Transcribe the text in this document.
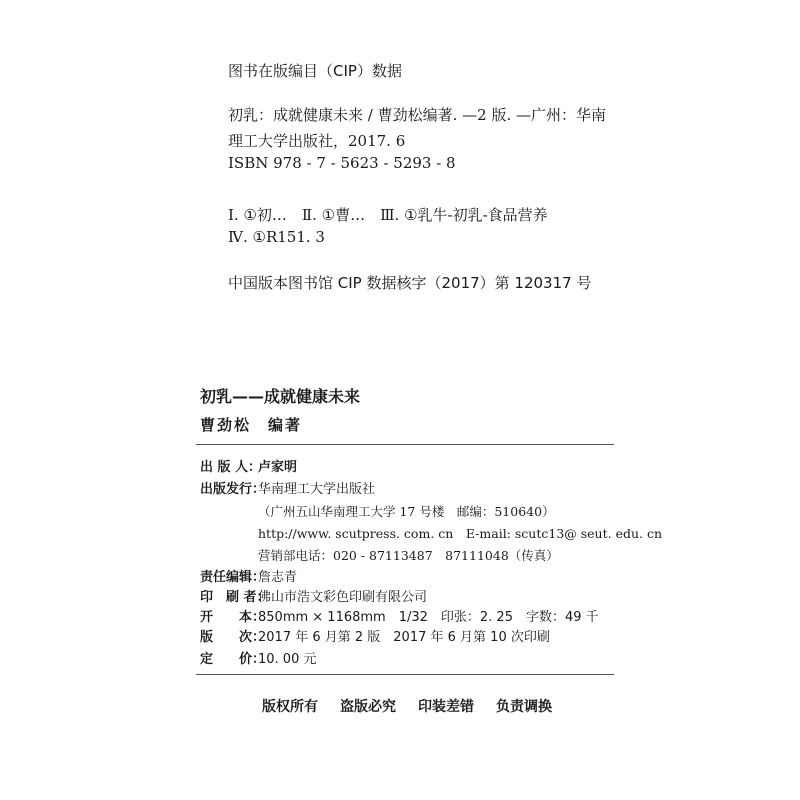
图书在版编目（CIP）数据
初乳：成就健康未来 / 曹劲松编著. —2 版. —广州：华南
理工大学出版社，2017. 6
ISBN 978 - 7 - 5623 - 5293 - 8
Ⅰ. ①初…　Ⅱ. ①曹…　Ⅲ. ①乳牛-初乳-食品营养
Ⅳ. ①R151. 3
中国版本图书馆 CIP 数据核字（2017）第 120317 号
初乳——成就健康未来
曹劲松　编著
出 版 人：卢家明
出版发行：华南理工大学出版社
（广州五山华南理工大学 17 号楼　邮编：510640）
http://www. scutpress. com. cn　E-mail: scutc13@ seut. edu. cn
营销部电话：020 - 87113487　87111048（传真）
责任编辑：詹志青
印　刷 者：佛山市浩文彩色印刷有限公司
开　　本：850mm × 1168mm　1/32　印张：2. 25　字数：49 千
版　　次：2017 年 6 月第 2 版　2017 年 6 月第 10 次印刷
定　　价：10. 00 元
版权所有 盗版必究 印装差错 负责调换
